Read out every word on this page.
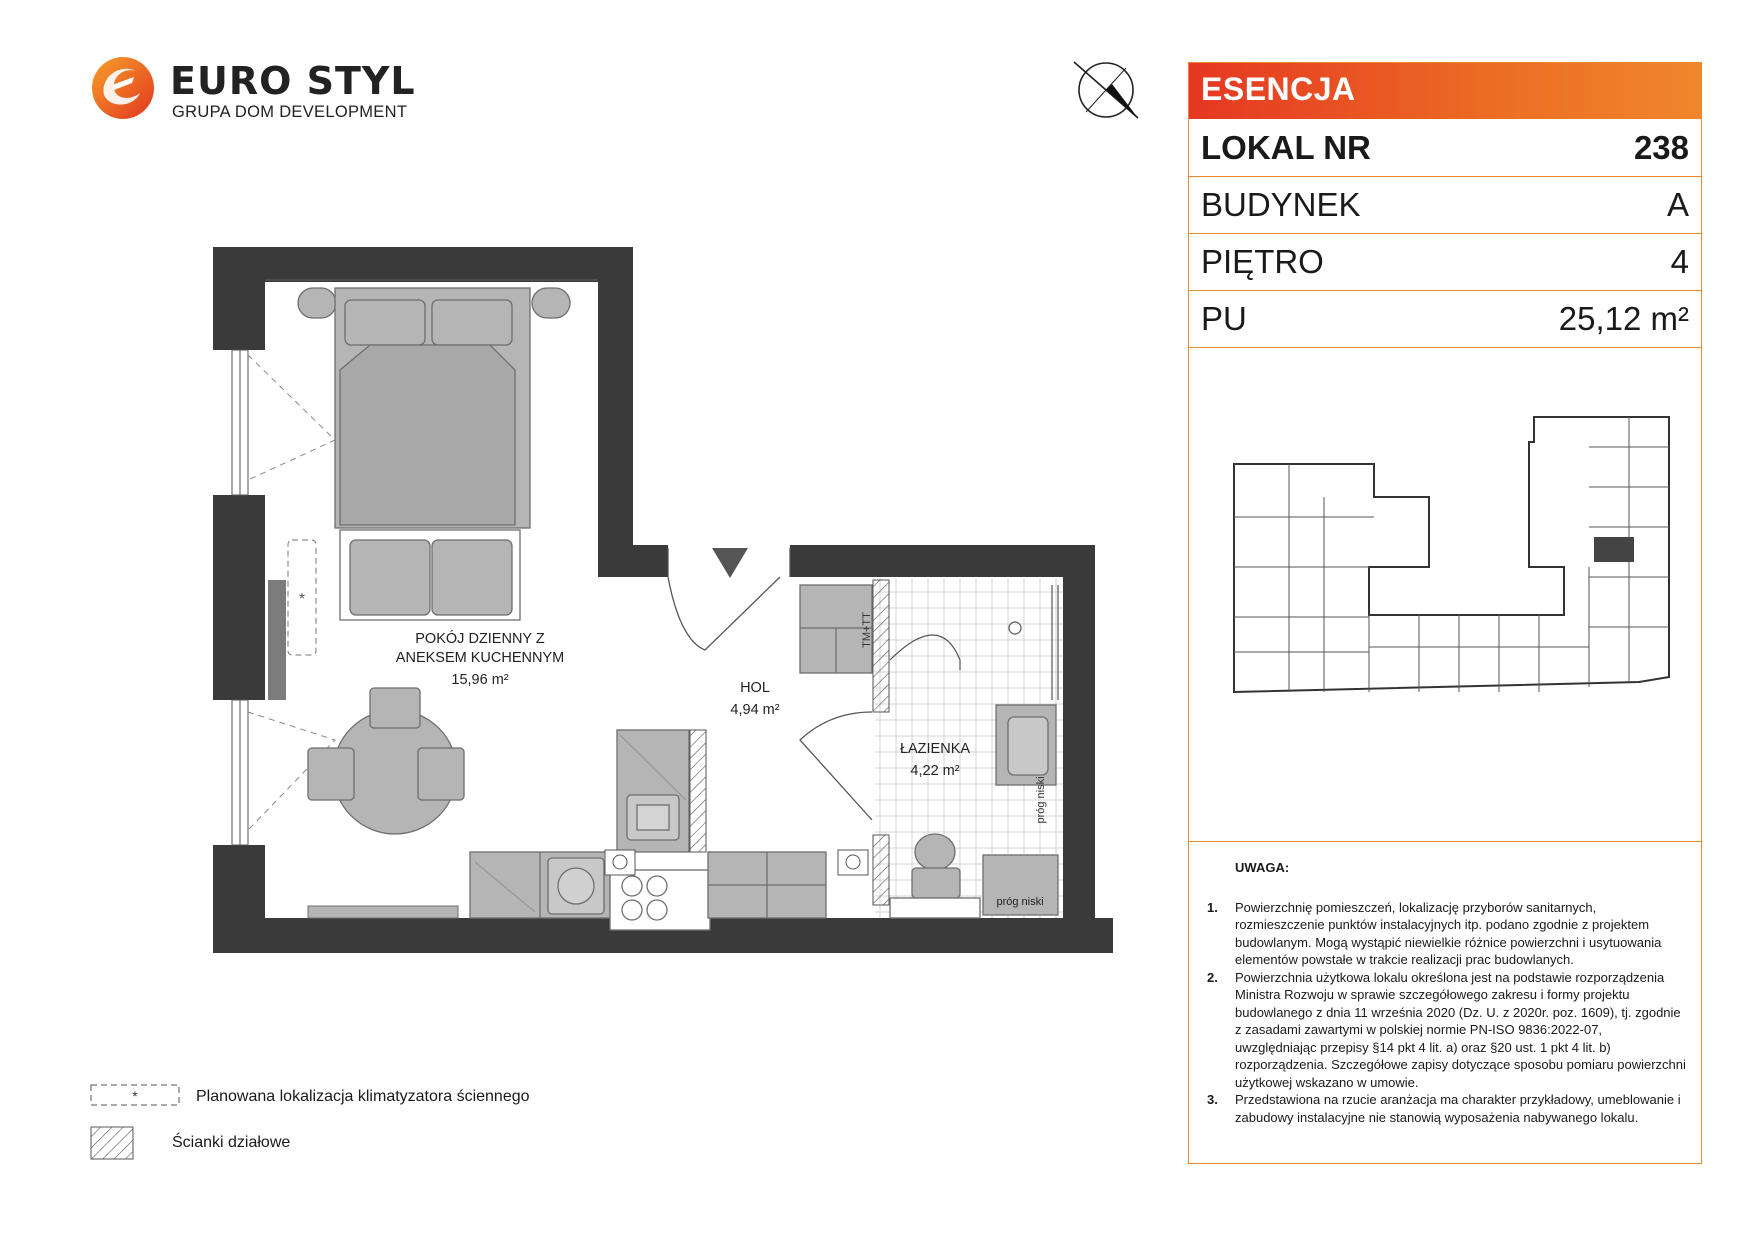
EURO STYL
GRUPA DOM DEVELOPMENT
*
TM+TT
próg niski
próg niski
POKÓJ DZIENNY Z
ANEKSEM KUCHENNYM
15,96 m²	HOL
4,94 m²
ŁAZIENKA
4,22 m²
*	Planowana lokalizacja klimatyzatora ściennego
Ścianki działowe
ESENCJA
LOKAL NR	238
BUDYNEK	A
PIĘTRO	4
PU	25,12 m²
UWAGA:
1. Powierzchnię pomieszczeń, lokalizację przyborów sanitarnych, rozmieszczenie punktów instalacyjnych itp. podano zgodnie z projektem budowlanym. Mogą wystąpić niewielkie różnice powierzchni i usytuowania elementów powstałe w trakcie realizacji prac budowlanych.
2. Powierzchnia użytkowa lokalu określona jest na podstawie rozporządzenia Ministra Rozwoju w sprawie szczegółowego zakresu i formy projektu budowlanego z dnia 11 września 2020 (Dz. U. z 2020r. poz. 1609), tj. zgodnie z zasadami zawartymi w polskiej normie PN-ISO 9836:2022-07, uwzględniając przepisy §14 pkt 4 lit. a) oraz §20 ust. 1 pkt 4 lit. b) rozporządzenia. Szczegółowe zapisy dotyczące sposobu pomiaru powierzchni użytkowej wskazano w umowie.
3. Przedstawiona na rzucie aranżacja ma charakter przykładowy, umeblowanie i zabudowy instalacyjne nie stanowią wyposażenia nabywanego lokalu.
